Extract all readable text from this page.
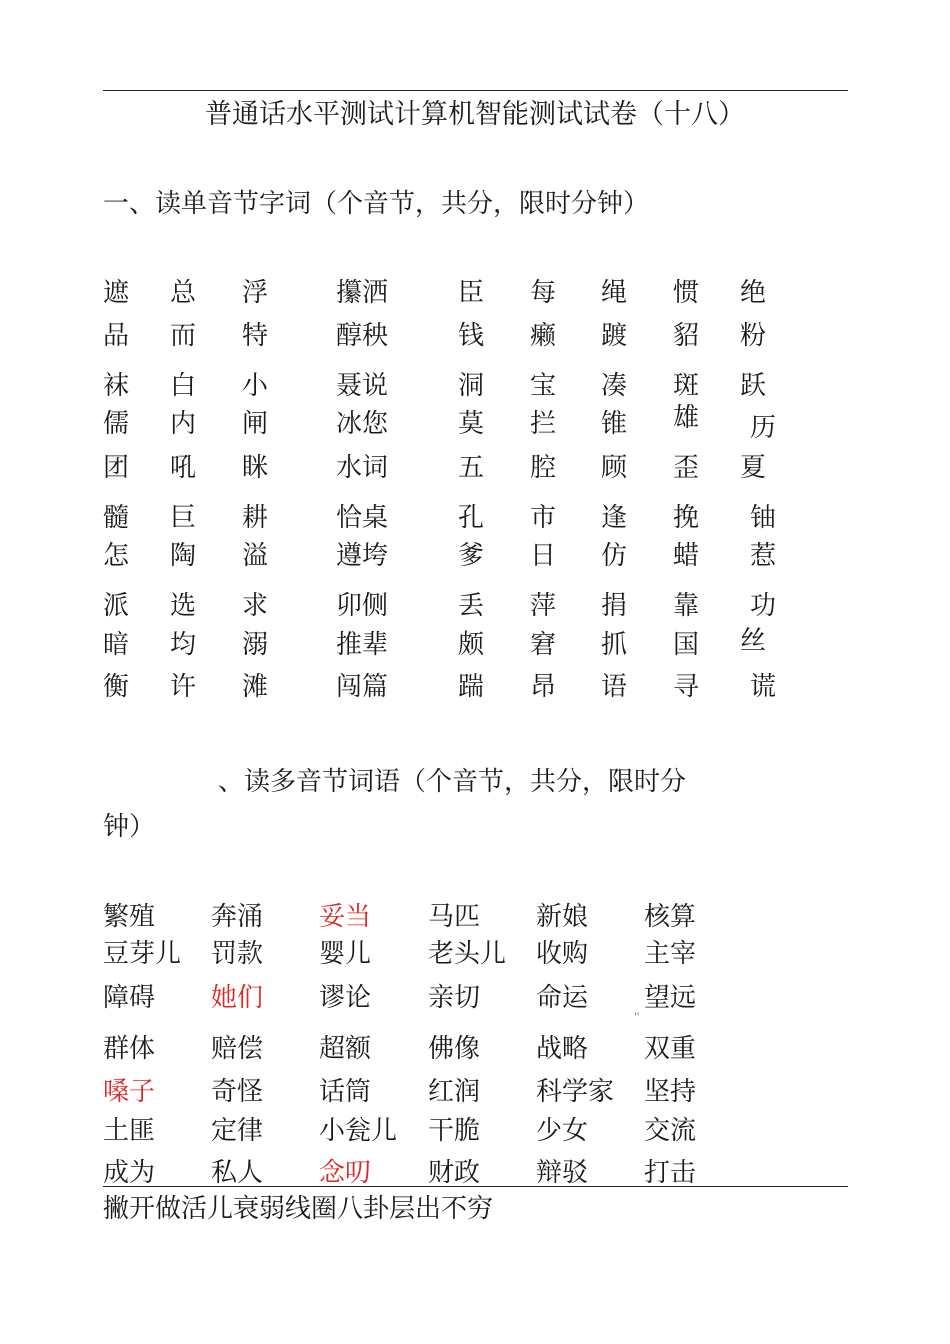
普通话水平测试计算机智能测试试卷（十八）
一、读单音节字词（个音节，共分，限时分钟）
遮 总 浮	攥洒	臣 每 绳 惯 绝
品 而 特	醇秧	钱 癞 踱 貂 粉
袜 白 小	聂说	洞 宝 凑 斑 跃
儒 内 闸	冰您	莫 拦 锥 雄 历
团 吼 眯	水词	五 腔 顾 歪 夏
髓 巨 耕	恰桌	孔 市 逢 挽 铀
怎 陶 溢	遵垮	爹 日 仿 蜡 惹
派 选 求	卯侧	丢 萍 捐 靠 功
暗 均 溺	推辈	颇 窘 抓 国 丝
衡 许 滩	闯篇	踹 昂 语 寻 谎
、读多音节词语（个音节，共分，限时分
钟）
繁殖 奔涌 妥当 马匹 新娘 核算
豆芽儿 罚款 婴儿 老头儿 收购 主宰
障碍 她们 谬论 亲切 命运 望远
群体 赔偿 超额 佛像 战略 双重
嗓子 奇怪 话筒 红润 科学家 坚持
土匪 定律 小瓮儿 干脆 少女 交流
成为 私人 念叨 财政 辩驳 打击
''
撇开做活儿衰弱线圈八卦层出不穷
